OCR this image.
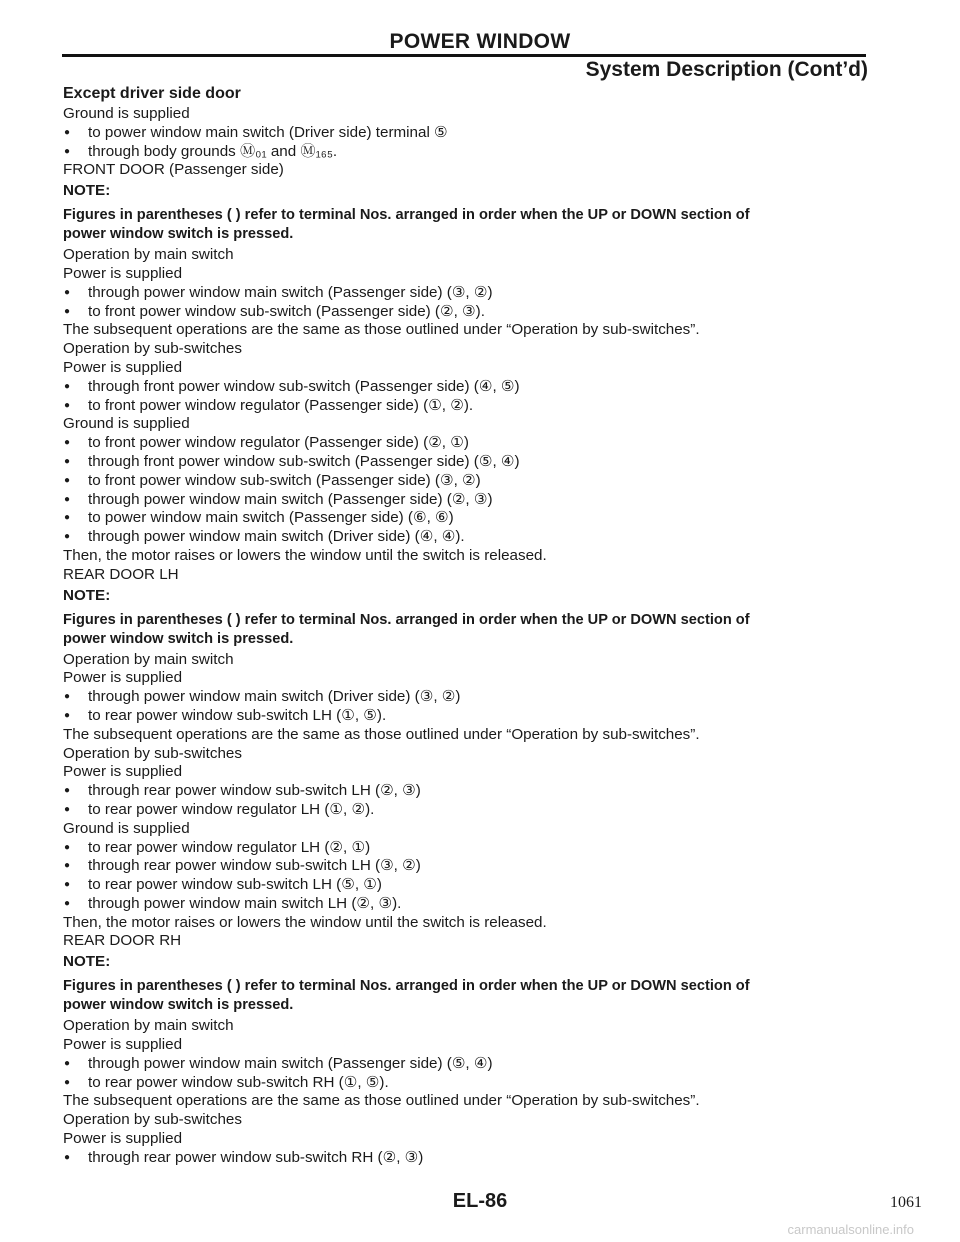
POWER WINDOW
System Description (Cont’d)
Except driver side door
Ground is supplied
● to power window main switch (Driver side) terminal ⑤
● through body grounds Ⓜ₀₁ and Ⓜ₁₆₅.
FRONT DOOR (Passenger side)
NOTE:
Figures in parentheses ( ) refer to terminal Nos. arranged in order when the UP or DOWN section of
power window switch is pressed.
Operation by main switch
Power is supplied
● through power window main switch (Passenger side) (③, ②)
● to front power window sub-switch (Passenger side) (②, ③).
The subsequent operations are the same as those outlined under “Operation by sub-switches”.
Operation by sub-switches
Power is supplied
● through front power window sub-switch (Passenger side) (④, ⑤)
● to front power window regulator (Passenger side) (①, ②).
Ground is supplied
● to front power window regulator (Passenger side) (②, ①)
● through front power window sub-switch (Passenger side) (⑤, ④)
● to front power window sub-switch (Passenger side) (③, ②)
● through power window main switch (Passenger side) (②, ③)
● to power window main switch (Passenger side) (⑥, ⑥)
● through power window main switch (Driver side) (④, ④).
Then, the motor raises or lowers the window until the switch is released.
REAR DOOR LH
NOTE:
Figures in parentheses ( ) refer to terminal Nos. arranged in order when the UP or DOWN section of
power window switch is pressed.
Operation by main switch
Power is supplied
● through power window main switch (Driver side) (③, ②)
● to rear power window sub-switch LH (①, ⑤).
The subsequent operations are the same as those outlined under “Operation by sub-switches”.
Operation by sub-switches
Power is supplied
● through rear power window sub-switch LH (②, ③)
● to rear power window regulator LH (①, ②).
Ground is supplied
● to rear power window regulator LH (②, ①)
● through rear power window sub-switch LH (③, ②)
● to rear power window sub-switch LH (⑤, ①)
● through power window main switch LH (②, ③).
Then, the motor raises or lowers the window until the switch is released.
REAR DOOR RH
NOTE:
Figures in parentheses ( ) refer to terminal Nos. arranged in order when the UP or DOWN section of
power window switch is pressed.
Operation by main switch
Power is supplied
● through power window main switch (Passenger side) (⑤, ④)
● to rear power window sub-switch RH (①, ⑤).
The subsequent operations are the same as those outlined under “Operation by sub-switches”.
Operation by sub-switches
Power is supplied
● through rear power window sub-switch RH (②, ③)
EL-86	1061
carmanualsonline.info
